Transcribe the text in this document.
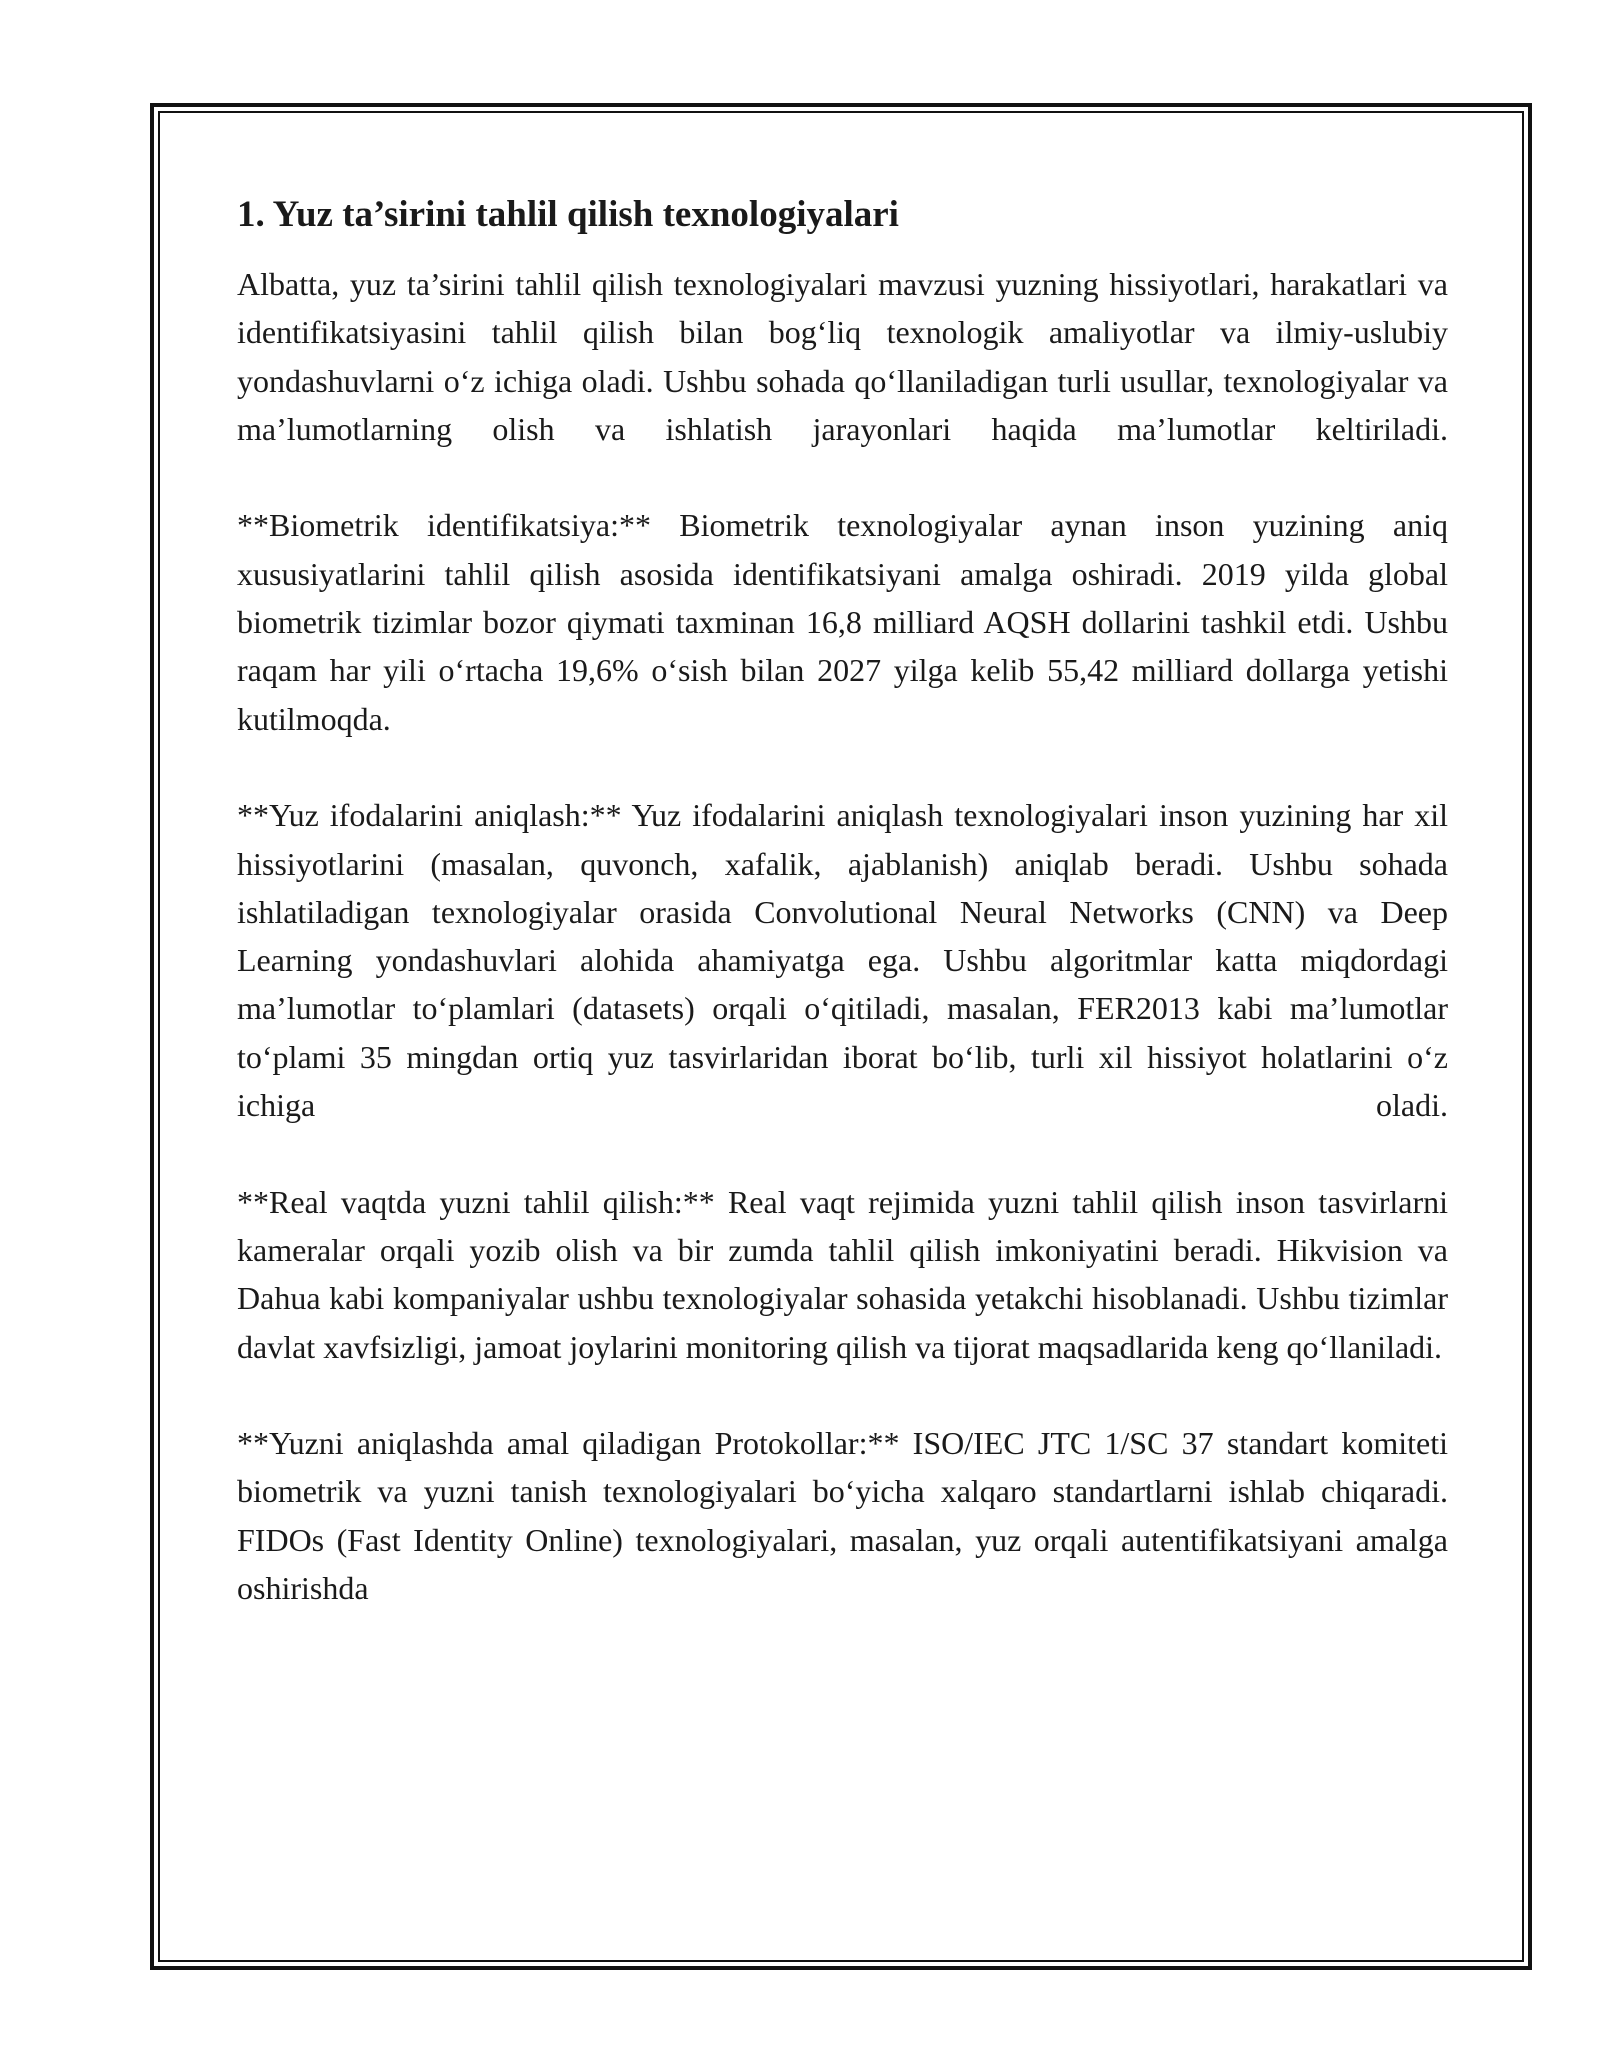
1. Yuz ta’sirini tahlil qilish texnologiyalari
Albatta, yuz ta’sirini tahlil qilish texnologiyalari mavzusi yuzning hissiyotlari, harakatlari va identifikatsiyasini tahlil qilish bilan bog‘liq texnologik amaliyotlar va ilmiy-uslubiy yondashuvlarni o‘z ichiga oladi. Ushbu sohada qo‘llaniladigan turli usullar, texnologiyalar va ma’lumotlarning olish va ishlatish jarayonlari haqida ma’lumotlar keltiriladi.
**Biometrik identifikatsiya:** Biometrik texnologiyalar aynan inson yuzining aniq xususiyatlarini tahlil qilish asosida identifikatsiyani amalga oshiradi. 2019 yilda global biometrik tizimlar bozor qiymati taxminan 16,8 milliard AQSH dollarini tashkil etdi. Ushbu raqam har yili o‘rtacha 19,6% o‘sish bilan 2027 yilga kelib 55,42 milliard dollarga yetishi kutilmoqda.
**Yuz ifodalarini aniqlash:** Yuz ifodalarini aniqlash texnologiyalari inson yuzining har xil hissiyotlarini (masalan, quvonch, xafalik, ajablanish) aniqlab beradi. Ushbu sohada ishlatiladigan texnologiyalar orasida Convolutional Neural Networks (CNN) va Deep Learning yondashuvlari alohida ahamiyatga ega. Ushbu algoritmlar katta miqdordagi ma’lumotlar to‘plamlari (datasets) orqali o‘qitiladi, masalan, FER2013 kabi ma’lumotlar to‘plami 35 mingdan ortiq yuz tasvirlaridan iborat bo‘lib, turli xil hissiyot holatlarini o‘z ichiga oladi.
**Real vaqtda yuzni tahlil qilish:** Real vaqt rejimida yuzni tahlil qilish inson tasvirlarni kameralar orqali yozib olish va bir zumda tahlil qilish imkoniyatini beradi. Hikvision va Dahua kabi kompaniyalar ushbu texnologiyalar sohasida yetakchi hisoblanadi. Ushbu tizimlar davlat xavfsizligi, jamoat joylarini monitoring qilish va tijorat maqsadlarida keng qo‘llaniladi.
**Yuzni aniqlashda amal qiladigan Protokollar:** ISO/IEC JTC 1/SC 37 standart komiteti biometrik va yuzni tanish texnologiyalari bo‘yicha xalqaro standartlarni ishlab chiqaradi. FIDOs (Fast Identity Online) texnologiyalari, masalan, yuz orqali autentifikatsiyani amalga oshirishda
